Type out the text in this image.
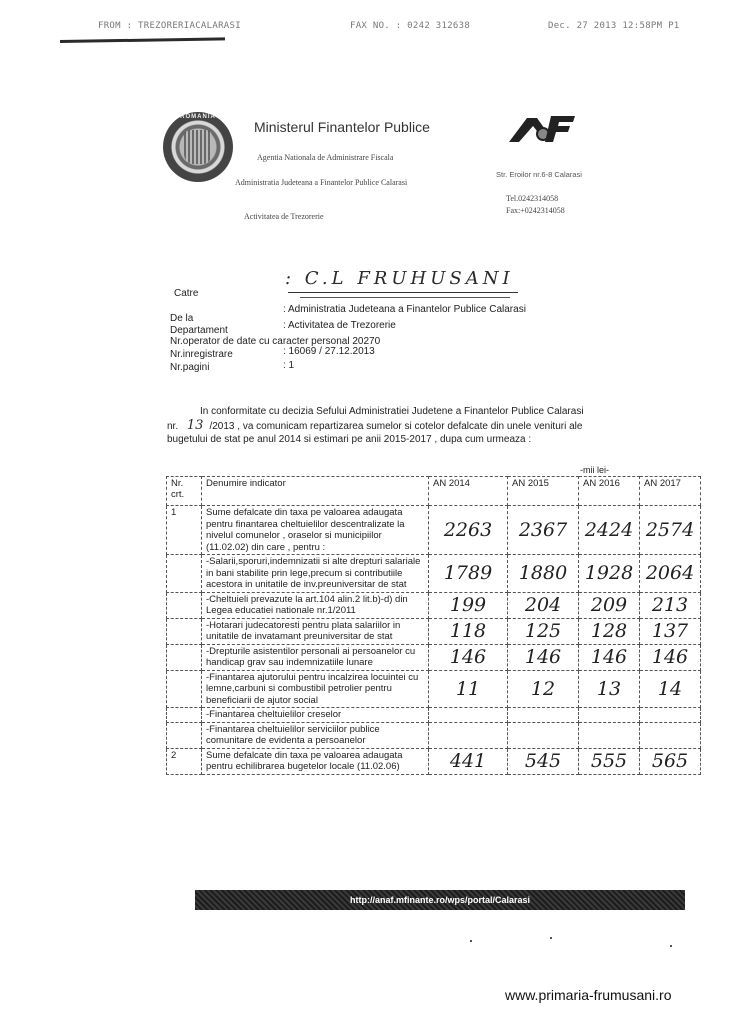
FROM : TREZORERIACALARASI	FAX NO. : 0242 312638	Dec. 27 2013 12:58PM P1
ROMANIA
Ministerul Finantelor Publice
Agentia Nationala de Administrare Fiscala
Administratia Judeteana a Finantelor Publice Calarasi
Activitatea de Trezorerie
Str. Eroilor nr.6-8 Calarasi
Tel.0242314058
Fax:+0242314058
Catre
: C.L FRUHUSANI
De la
: Administratia Judeteana a Finantelor Publice Calarasi
Departament	: Activitatea de Trezorerie
Nr.operator de date cu caracter personal 20270
Nr.inregistrare	: 16069 / 27.12.2013
Nr.pagini	: 1
In conformitate cu decizia Sefului Administratiei Judetene a Finantelor Publice Calarasi
nr. 13 /2013 , va comunicam repartizarea sumelor si cotelor defalcate din unele venituri ale
bugetului de stat pe anul 2014 si estimari pe anii 2015-2017 , dupa cum urmeaza :
-mii lei-
Nr. crt.	Denumire indicator	AN 2014	AN 2015	AN 2016	AN 2017
1	Sume defalcate din taxa pe valoarea adaugata pentru finantarea cheltuielilor descentralizate la nivelul comunelor , oraselor si municipiilor (11.02.02) din care , pentru :	2263	2367	2424	2574
	-Salarii,sporuri,indemnizatii si alte drepturi salariale in bani stabilite prin lege,precum si contributiile acestora in unitatile de inv.preuniversitar de stat	1789	1880	1928	2064
	-Cheltuieli prevazute la art.104 alin.2 lit.b)-d) din Legea educatiei nationale nr.1/2011	199	204	209	213
	-Hotarari judecatoresti pentru plata salariilor in unitatile de invatamant preuniversitar de stat	118	125	128	137
	-Drepturile asistentilor personali ai persoanelor cu handicap grav sau indemnizatiile lunare	146	146	146	146
	-Finantarea ajutorului pentru incalzirea locuintei cu lemne,carbuni si combustibil petrolier pentru beneficiarii de ajutor social	11	12	13	14
	-Finantarea cheltuielilor creselor				
	-Finantarea cheltuielilor serviciilor publice comunitare de evidenta a persoanelor				
2	Sume defalcate din taxa pe valoarea adaugata pentru echilibrarea bugetelor locale (11.02.06)	441	545	555	565
http://anaf.mfinante.ro/wps/portal/Calarasi
www.primaria-frumusani.ro
